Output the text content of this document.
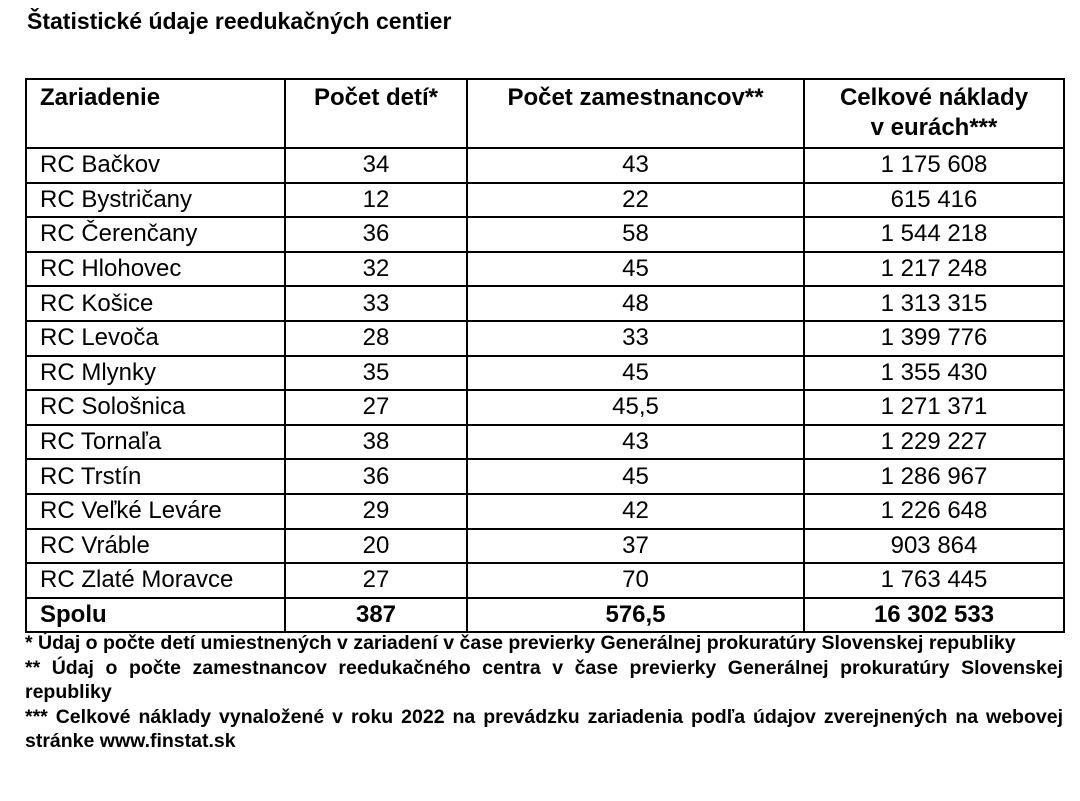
Štatistické údaje reedukačných centier
Zariadenie	Počet detí*	Počet zamestnancov**	Celkové náklady
v eurách***
RC Bačkov	34	43	1 175 608
RC Bystričany	12	22	615 416
RC Čerenčany	36	58	1 544 218
RC Hlohovec	32	45	1 217 248
RC Košice	33	48	1 313 315
RC Levoča	28	33	1 399 776
RC Mlynky	35	45	1 355 430
RC Sološnica	27	45,5	1 271 371
RC Tornaľa	38	43	1 229 227
RC Trstín	36	45	1 286 967
RC Veľké Leváre	29	42	1 226 648
RC Vráble	20	37	903 864
RC Zlaté Moravce	27	70	1 763 445
Spolu	387	576,5	16 302 533

* Údaj o počte detí umiestnených v zariadení v čase previerky Generálnej prokuratúry Slovenskej republiky

** Údaj o počte zamestnancov reedukačného centra v čase previerky Generálnej prokuratúry Slovenskej republiky

*** Celkové náklady vynaložené v roku 2022 na prevádzku zariadenia podľa údajov zverejnených na webovej stránke www.finstat.sk
